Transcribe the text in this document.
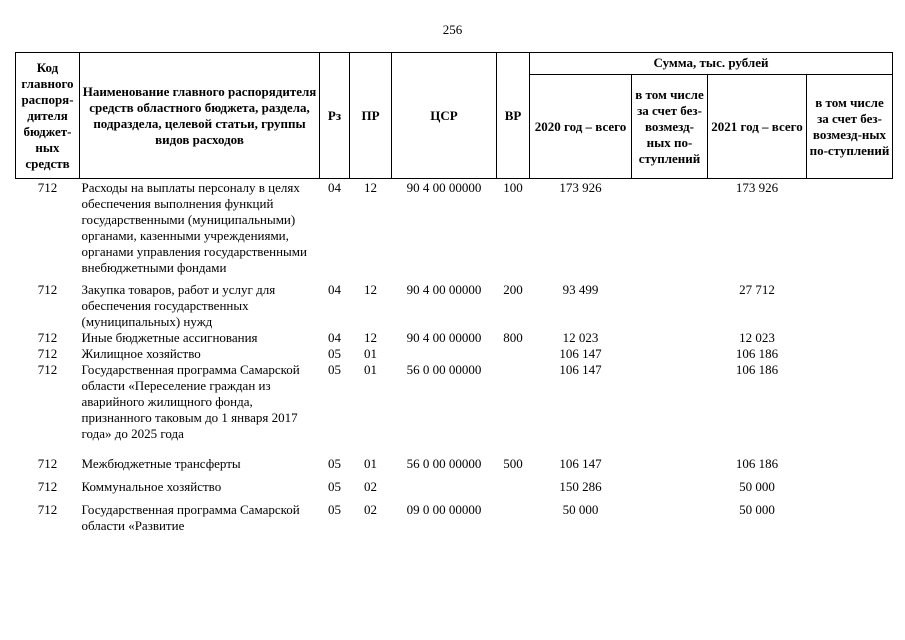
256
Код главного распоря-дителя бюджет-ных средств	Наименование главного распорядителя средств областного бюджета, раздела, подраздела, целевой статьи, группы видов расходов	Рз	ПР	ЦСР	ВР	Сумма, тыс. рублей			
						2020 год – всего	в том числе за счет без-возмезд-ных по-ступлений	2021 год – всего	в том числе за счет без-возмезд-ных по-ступлений
712	Расходы на выплаты персоналу в целях обеспечения выполнения функций государственными (муниципальными) органами, казенными учреждениями, органами управления государственными внебюджетными фондами	04	12	90 4 00 00000	100	173 926		173 926	
712	Закупка товаров, работ и услуг для обеспечения государственных (муниципальных) нужд	04	12	90 4 00 00000	200	93 499		27 712	
712	Иные бюджетные ассигнования	04	12	90 4 00 00000	800	12 023		12 023	
712	Жилищное хозяйство	05	01			106 147		106 186	
712	Государственная программа Самарской области «Переселение граждан из аварийного жилищного фонда, признанного таковым до 1 января 2017 года» до 2025 года	05	01	56 0 00 00000		106 147		106 186	
712	Межбюджетные трансферты	05	01	56 0 00 00000	500	106 147		106 186	
712	Коммунальное хозяйство	05	02			150 286		50 000	
712	Государственная программа Самарской области «Развитие	05	02	09 0 00 00000		50 000		50 000	
